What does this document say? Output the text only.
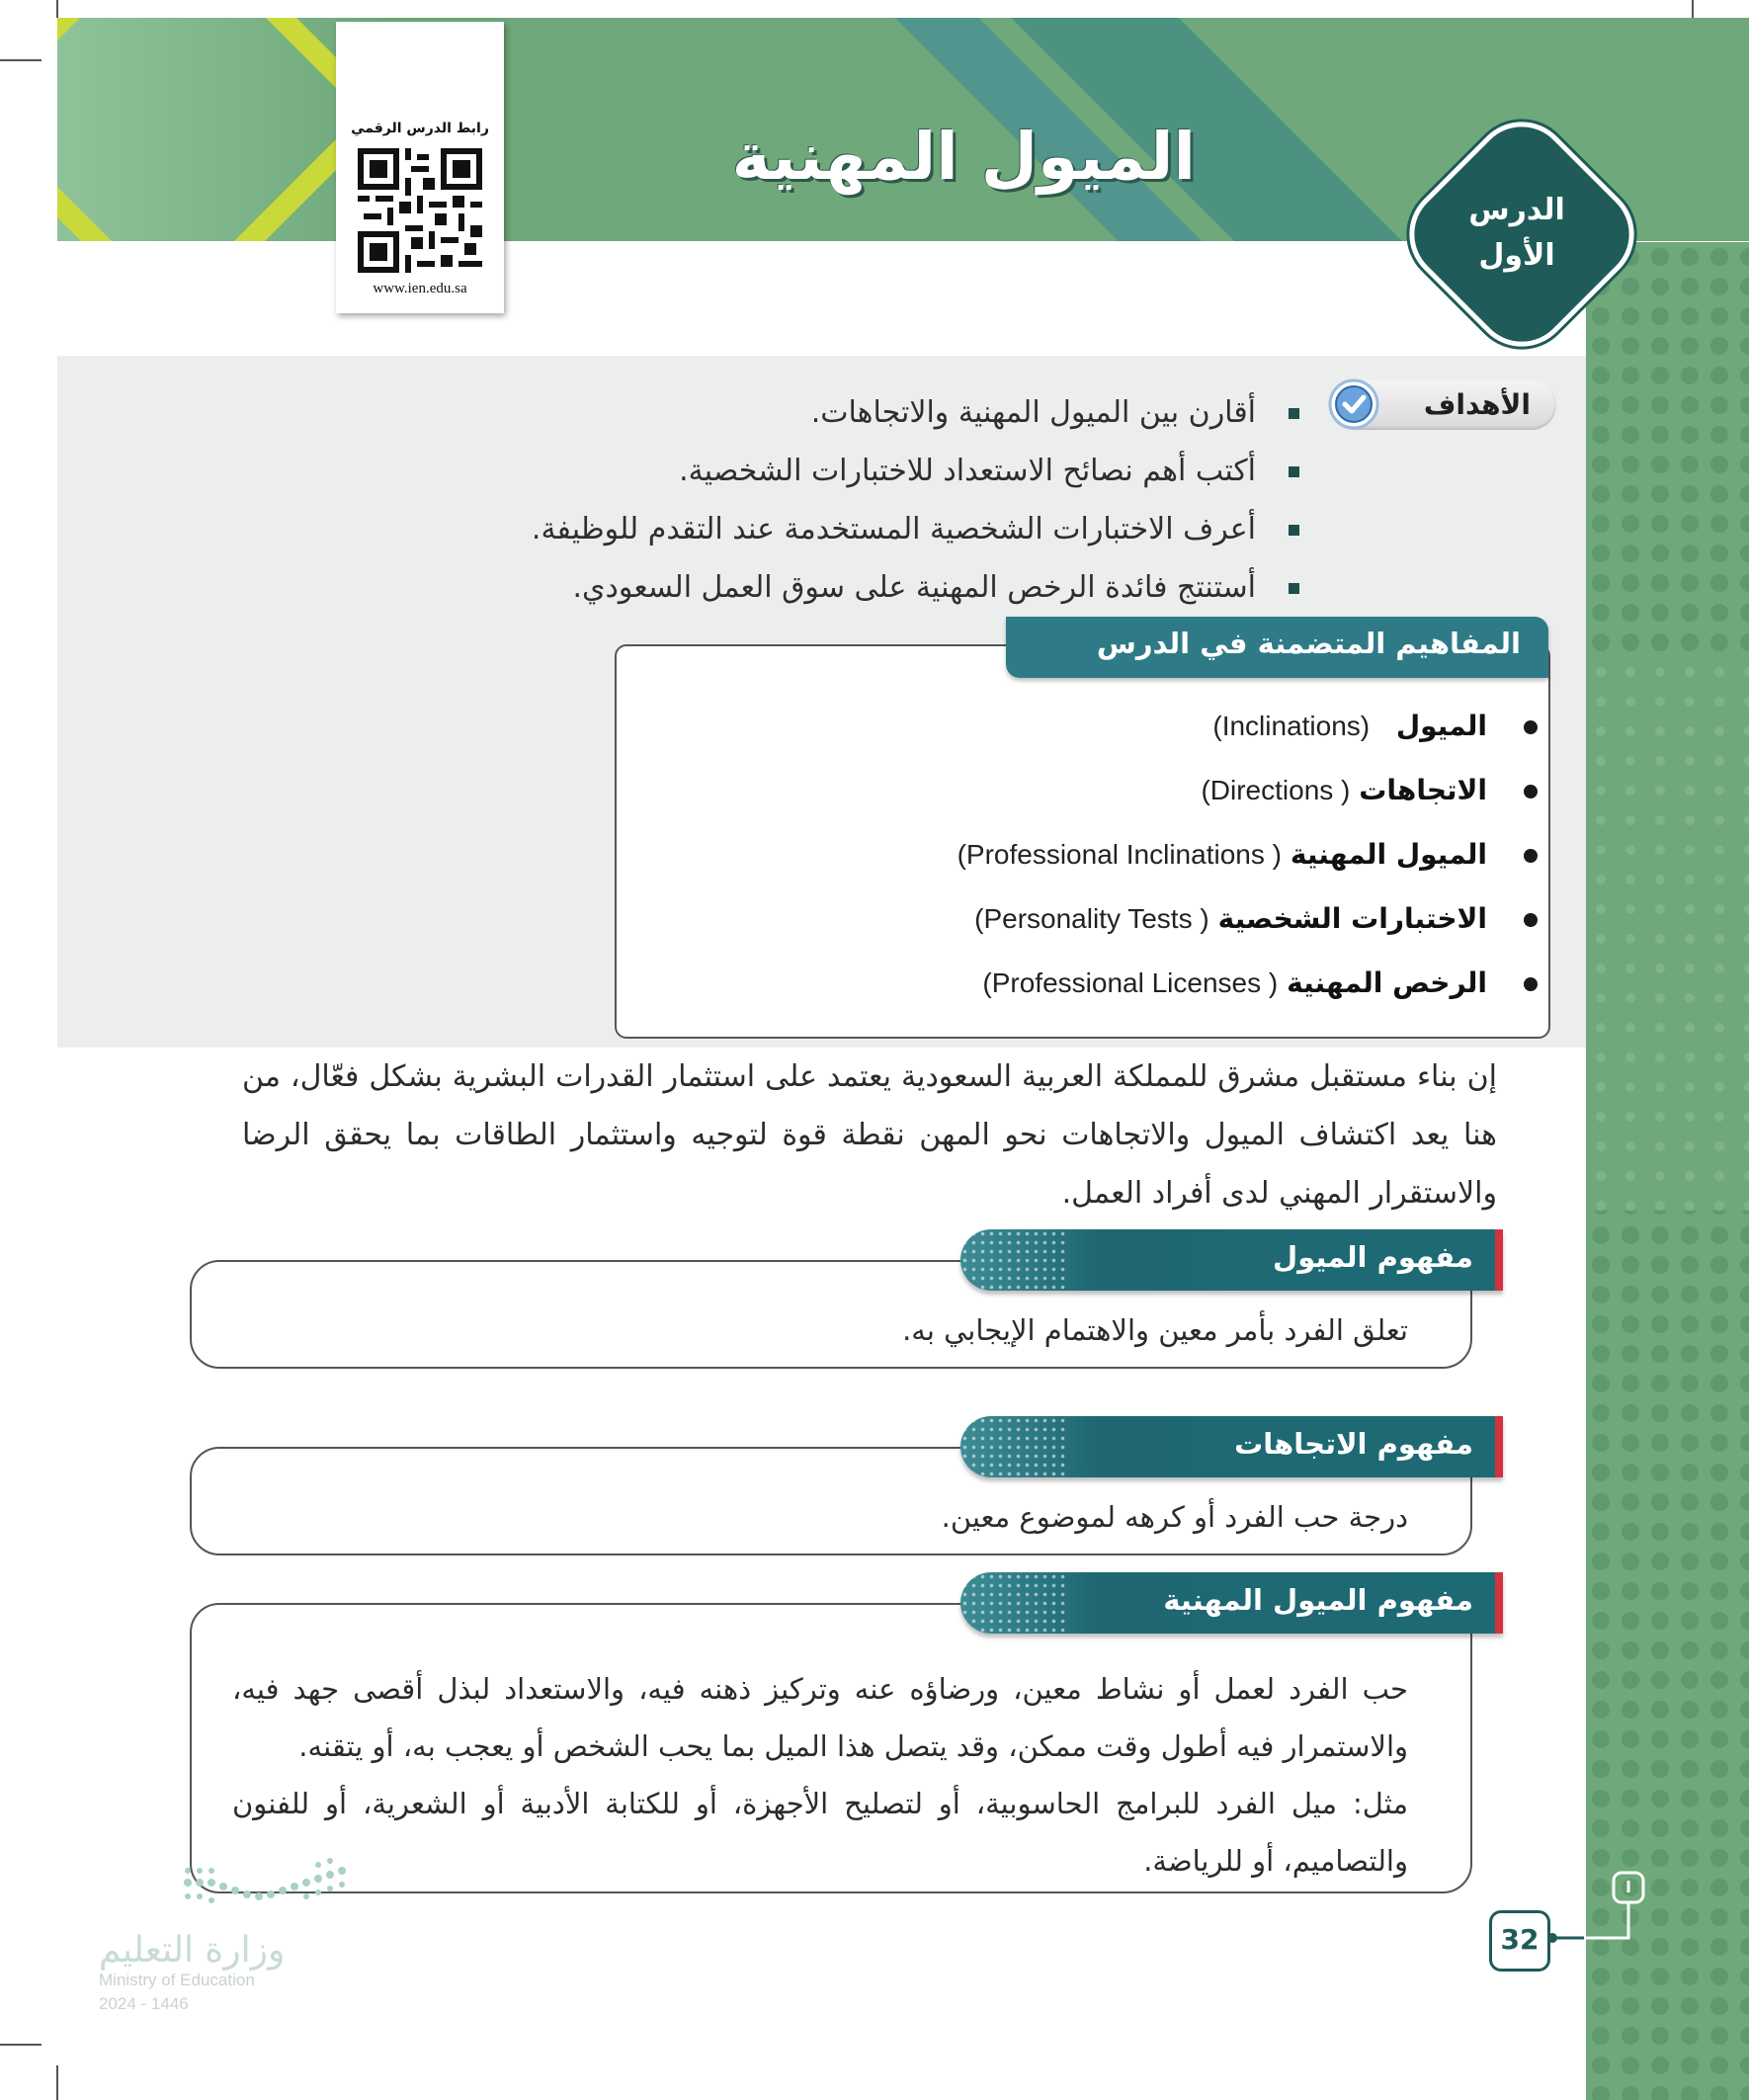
الميول المهنية
الدرس
الأول
رابط الدرس الرقمي
www.ien.edu.sa
الأهداف
أقارن بين الميول المهنية والاتجاهات.
أكتب أهم نصائح الاستعداد للاختبارات الشخصية.
أعرف الاختبارات الشخصية المستخدمة عند التقدم للوظيفة.
أستنتج فائدة الرخص المهنية على سوق العمل السعودي.
المفاهيم المتضمنة في الدرس
الميول   (Inclinations)
الاتجاهات ( Directions)
الميول المهنية ( Professional Inclinations)
الاختبارات الشخصية ( Personality Tests)
الرخص المهنية ( Professional Licenses)

إن بناء مستقبل مشرق للمملكة العربية السعودية يعتمد على استثمار القدرات البشرية بشكل فعّال، من هنا يعد اكتشاف الميول والاتجاهات نحو المهن نقطة قوة لتوجيه واستثمار الطاقات بما يحقق الرضا والاستقرار المهني لدى أفراد العمل.

مفهوم الميول
تعلق الفرد بأمر معين والاهتمام الإيجابي به.
مفهوم الاتجاهات
درجة حب الفرد أو كرهه لموضوع معين.
مفهوم الميول المهنية
حب الفرد لعمل أو نشاط معين، ورضاؤه عنه وتركيز ذهنه فيه، والاستعداد لبذل أقصى جهد فيه، والاستمرار فيه أطول وقت ممكن، وقد يتصل هذا الميل بما يحب الشخص أو يعجب به، أو يتقنه.
مثل: ميل الفرد للبرامج الحاسوبية، أو لتصليح الأجهزة، أو للكتابة الأدبية أو الشعرية، أو للفنون والتصاميم، أو للرياضة.
32
وزارة التعليم
Ministry of Education
2024 - 1446
